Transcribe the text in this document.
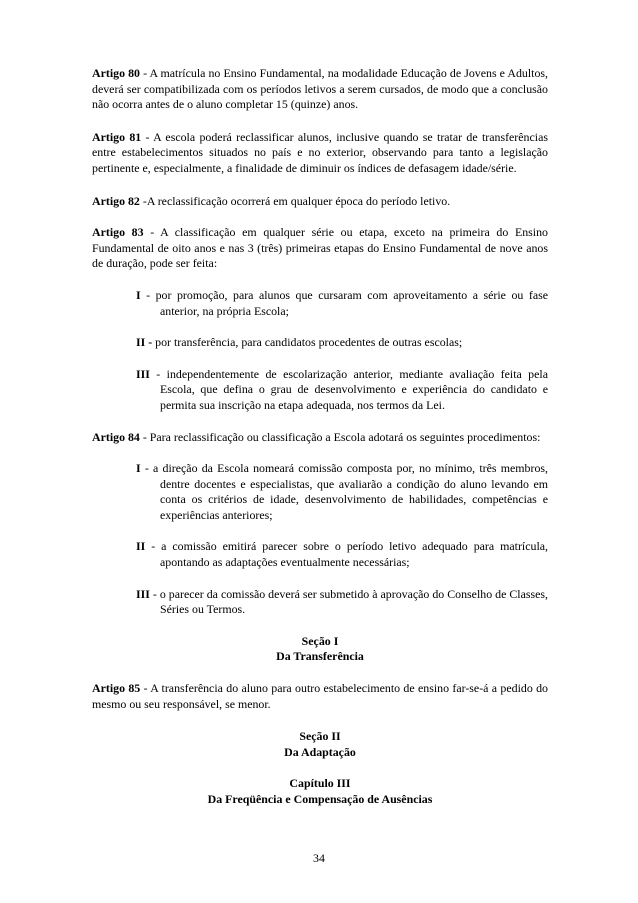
Artigo 80 - A matrícula no Ensino Fundamental, na modalidade Educação de Jovens e Adultos, deverá ser compatibilizada com os períodos letivos a serem cursados, de modo que a conclusão não ocorra antes de o aluno completar 15 (quinze) anos.

Artigo 81 - A escola poderá reclassificar alunos, inclusive quando se tratar de transferências entre estabelecimentos situados no país e no exterior, observando para tanto a legislação pertinente e, especialmente, a finalidade de diminuir os índices de defasagem idade/série.

Artigo 82 -A reclassificação ocorrerá em qualquer época do período letivo.

Artigo 83 - A classificação em qualquer série ou etapa, exceto na primeira do Ensino Fundamental de oito anos e nas 3 (três) primeiras etapas do Ensino Fundamental de nove anos de duração, pode ser feita:

I - por promoção, para alunos que cursaram com aproveitamento a série ou fase anterior, na própria Escola;

II - por transferência, para candidatos procedentes de outras escolas;

III - independentemente de escolarização anterior, mediante avaliação feita pela Escola, que defina o grau de desenvolvimento e experiência do candidato e permita sua inscrição na etapa adequada, nos termos da Lei.

Artigo 84 - Para reclassificação ou classificação a Escola adotará os seguintes procedimentos:

I - a direção da Escola nomeará comissão composta por, no mínimo, três membros, dentre docentes e especialistas, que avaliarão a condição do aluno levando em conta os critérios de idade, desenvolvimento de habilidades, competências e experiências anteriores;

II - a comissão emitirá parecer sobre o período letivo adequado para matrícula, apontando as adaptações eventualmente necessárias;

III - o parecer da comissão deverá ser submetido à aprovação do Conselho de Classes, Séries ou Termos.

Seção I
Da Transferência

Artigo 85 - A transferência do aluno para outro estabelecimento de ensino far-se-á a pedido do mesmo ou seu responsável, se menor.

Seção II
Da Adaptação
Capítulo III
Da Freqüência e Compensação de Ausências
34
